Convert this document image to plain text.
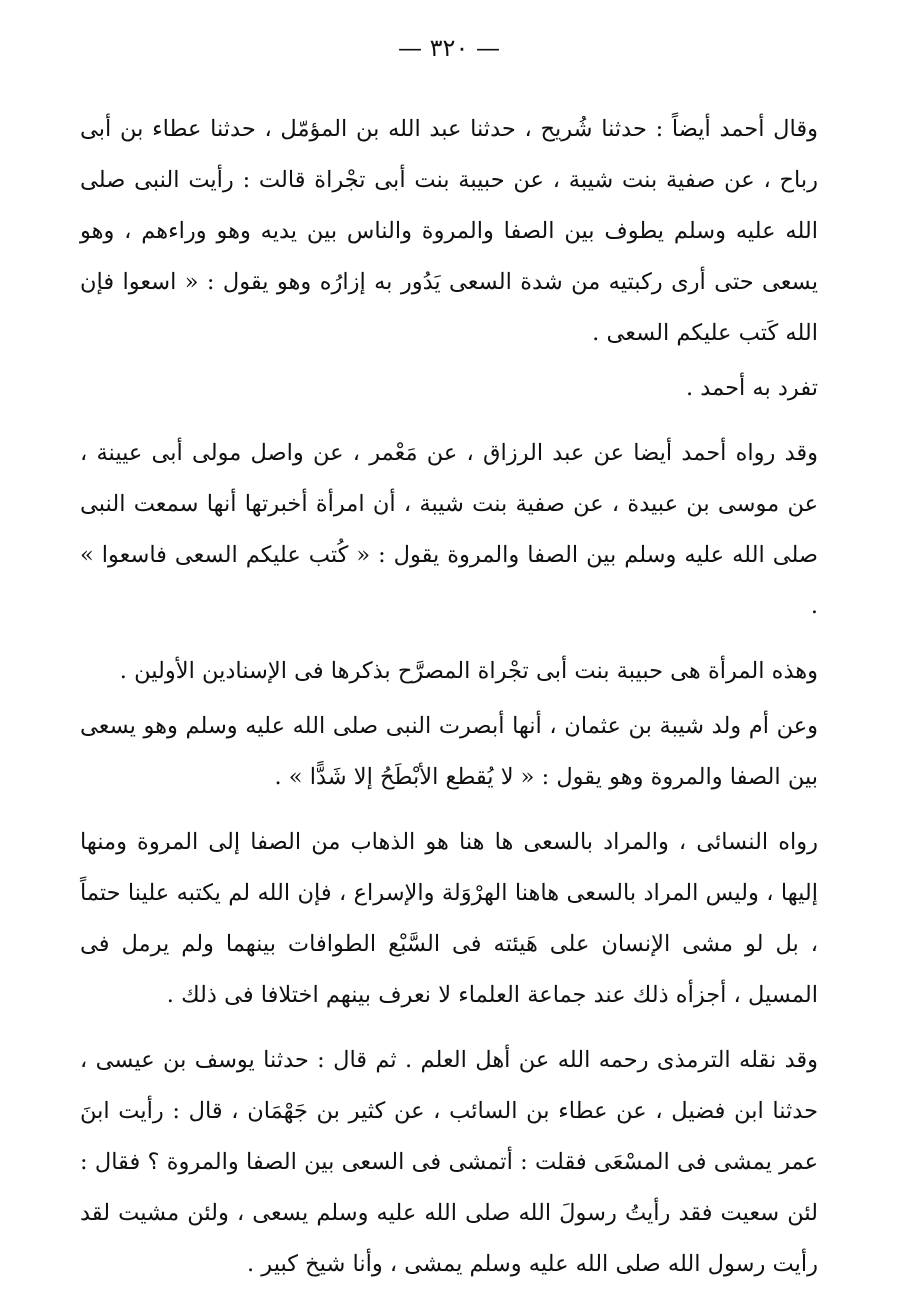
— ٣٢٠ —

وقال أحمد أيضاً : حدثنا شُريح ، حدثنا عبد الله بن المؤمّل ، حدثنا عطاء بن أبى رباح ، عن صفية بنت شيبة ، عن حبيبة بنت أبى تجْراة قالت : رأيت النبى صلى الله عليه وسلم يطوف بين الصفا والمروة والناس بين يديه وهو وراءهم ، وهو يسعى حتى أرى ركبتيه من شدة السعى يَدُور به إزارُه وهو يقول : « اسعوا فإن الله كَتب عليكم السعى .

تفرد به أحمد .

وقد رواه أحمد أيضا عن عبد الرزاق ، عن مَعْمر ، عن واصل مولى أبى عيينة ، عن موسى بن عبيدة ، عن صفية بنت شيبة ، أن امرأة أخبرتها أنها سمعت النبى صلى الله عليه وسلم بين الصفا والمروة يقول : « كُتب عليكم السعى فاسعوا » .

وهذه المرأة هى حبيبة بنت أبى تجْراة المصرَّح بذكرها فى الإسنادين الأولين .

وعن أم ولد شيبة بن عثمان ، أنها أبصرت النبى صلى الله عليه وسلم وهو يسعى بين الصفا والمروة وهو يقول : « لا يُقطع الأبْطَحُ إلا شَدًّا » .

رواه النسائى ، والمراد بالسعى ها هنا هو الذهاب من الصفا إلى المروة ومنها إليها ، وليس المراد بالسعى هاهنا الهرْوَلة والإسراع ، فإن الله لم يكتبه علينا حتماً ، بل لو مشى الإنسان على هَيئته فى السَّبْع الطوافات بينهما ولم يرمل فى المسيل ، أجزأه ذلك عند جماعة العلماء لا نعرف بينهم اختلافا فى ذلك .

وقد نقله الترمذى رحمه الله عن أهل العلم . ثم قال : حدثنا يوسف بن عيسى ، حدثنا ابن فضيل ، عن عطاء بن السائب ، عن كثير بن جَهْمَان ، قال : رأيت ابنَ عمر يمشى فى المسْعَى فقلت : أتمشى فى السعى بين الصفا والمروة ؟ فقال : لئن سعيت فقد رأيتُ رسولَ الله صلى الله عليه وسلم يسعى ، ولئن مشيت لقد رأيت رسول الله صلى الله عليه وسلم يمشى ، وأنا شيخ كبير .
